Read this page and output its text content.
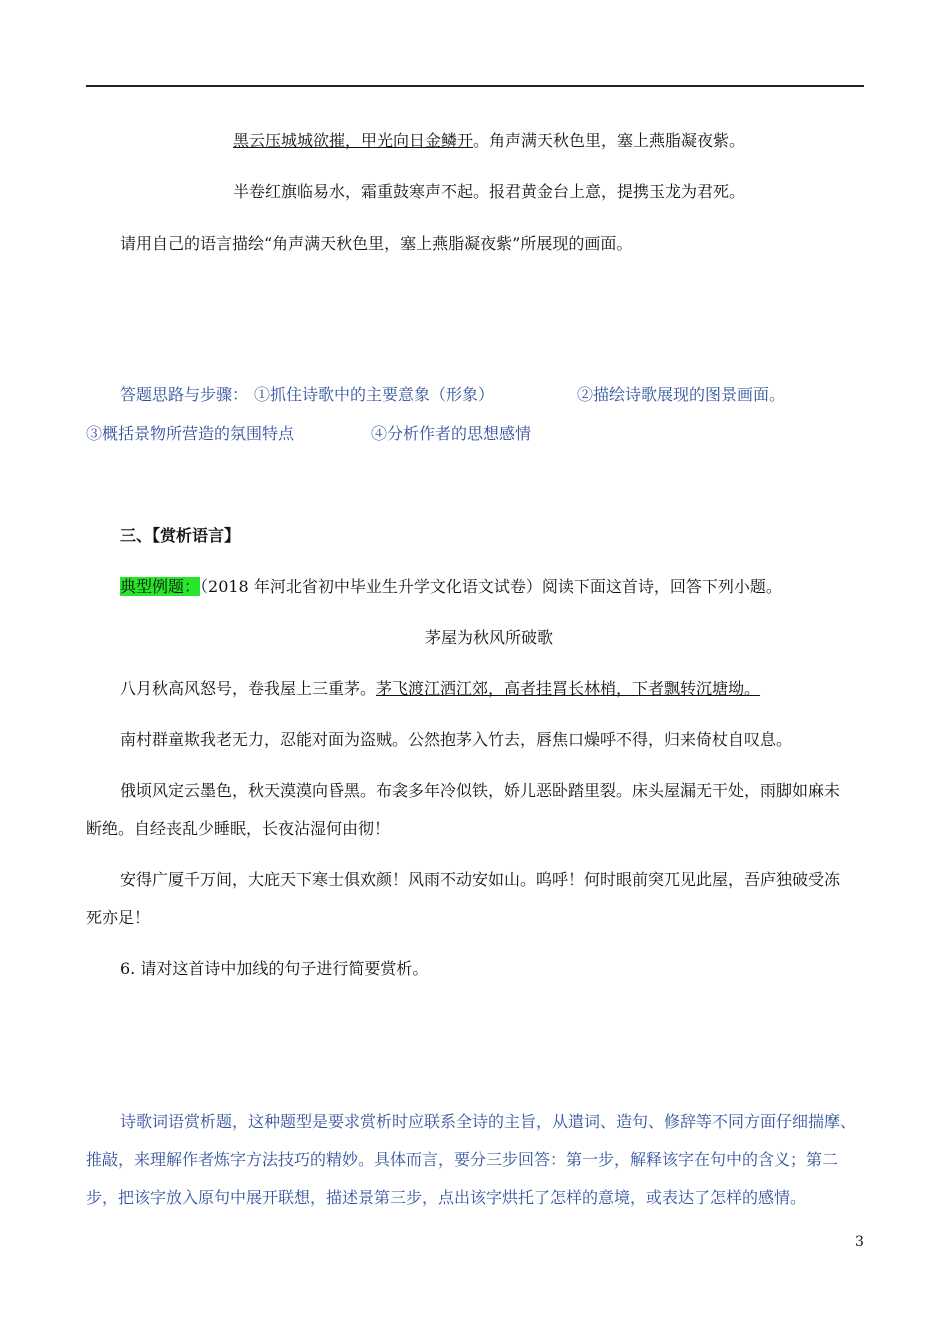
黑云压城城欲摧，甲光向日金鳞开。角声满天秋色里，塞上燕脂凝夜紫。
半卷红旗临易水，霜重鼓寒声不起。报君黄金台上意，提携玉龙为君死。
请用自己的语言描绘“角声满天秋色里，塞上燕脂凝夜紫”所展现的画面。
答题思路与步骤： ①抓住诗歌中的主要意象（形象）	②描绘诗歌展现的图景画面。
③概括景物所营造的氛围特点	④分析作者的思想感情
三、【赏析语言】
典型例题：（2018 年河北省初中毕业生升学文化语文试卷）阅读下面这首诗，回答下列小题。
茅屋为秋风所破歌
八月秋高风怒号，卷我屋上三重茅。茅飞渡江洒江郊，高者挂罥长林梢，下者飘转沉塘坳。
南村群童欺我老无力，忍能对面为盗贼。公然抱茅入竹去，唇焦口燥呼不得，归来倚杖自叹息。
俄顷风定云墨色，秋天漠漠向昏黑。布衾多年冷似铁，娇儿恶卧踏里裂。床头屋漏无干处，雨脚如麻未
断绝。自经丧乱少睡眠，长夜沾湿何由彻！
安得广厦千万间，大庇天下寒士俱欢颜！风雨不动安如山。呜呼！何时眼前突兀见此屋，吾庐独破受冻
死亦足！
6. 请对这首诗中加线的句子进行简要赏析。
诗歌词语赏析题，这种题型是要求赏析时应联系全诗的主旨，从遣词、造句、修辞等不同方面仔细揣摩、
推敲，来理解作者炼字方法技巧的精妙。具体而言，要分三步回答：第一步，解释该字在句中的含义；第二
步，把该字放入原句中展开联想，描述景第三步，点出该字烘托了怎样的意境，或表达了怎样的感情。
3
